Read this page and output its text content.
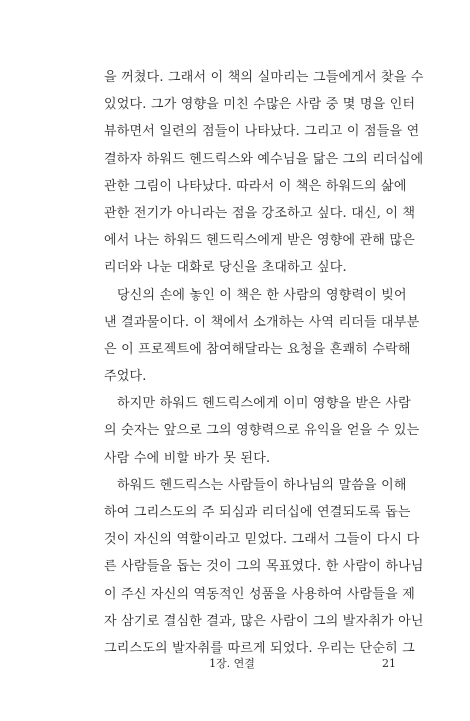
을 꺼쳤다. 그래서 이 책의 실마리는 그들에게서 찾을 수
있었다. 그가 영향을 미친 수많은 사람 중 몇 명을 인터
뷰하면서 일련의 점들이 나타났다. 그리고 이 점들을 연
결하자 하워드 헨드릭스와 예수님을 닮은 그의 리더십에
관한 그림이 나타났다. 따라서 이 책은 하워드의 삶에
관한 전기가 아니라는 점을 강조하고 싶다. 대신, 이 책
에서 나는 하워드 헨드릭스에게 받은 영향에 관해 많은
리더와 나눈 대화로 당신을 초대하고 싶다.
당신의 손에 놓인 이 책은 한 사람의 영향력이 빚어
낸 결과물이다. 이 책에서 소개하는 사역 리더들 대부분
은 이 프로젝트에 참여해달라는 요청을 흔쾌히 수락해
주었다.
하지만 하워드 헨드릭스에게 이미 영향을 받은 사람
의 숫자는 앞으로 그의 영향력으로 유익을 얻을 수 있는
사람 수에 비할 바가 못 된다.
하워드 헨드릭스는 사람들이 하나님의 말씀을 이해
하여 그리스도의 주 되심과 리더십에 연결되도록 돕는
것이 자신의 역할이라고 믿었다. 그래서 그들이 다시 다
른 사람들을 돕는 것이 그의 목표였다. 한 사람이 하나님
이 주신 자신의 역동적인 성품을 사용하여 사람들을 제
자 삼기로 결심한 결과, 많은 사람이 그의 발자취가 아닌
그리스도의 발자취를 따르게 되었다. 우리는 단순히 그
1장. 연결	21
